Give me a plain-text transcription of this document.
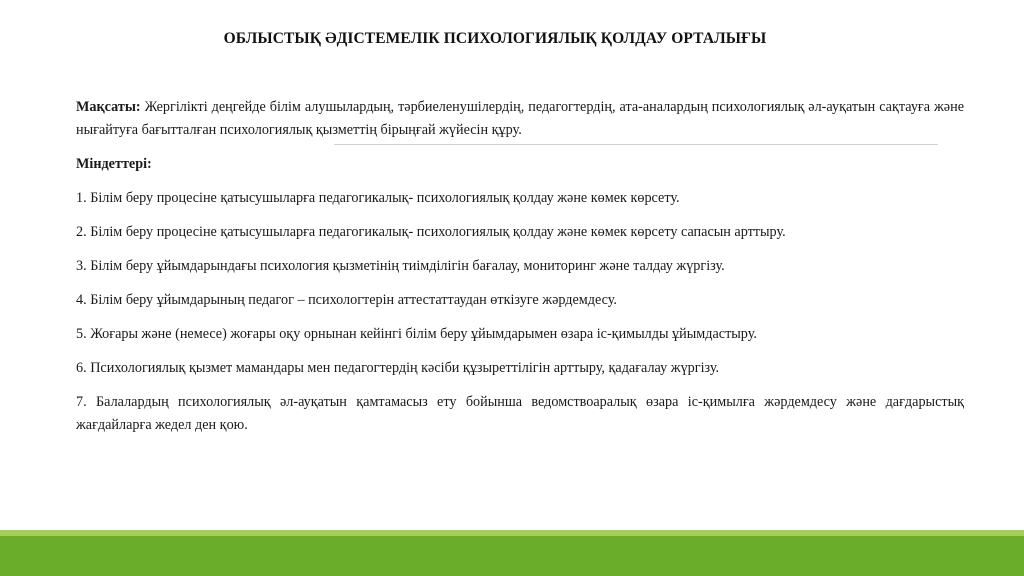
ОБЛЫСТЫҚ ӘДІСТЕМЕЛІК ПСИХОЛОГИЯЛЫҚ ҚОЛДАУ ОРТАЛЫҒЫ

Мақсаты: Жергілікті деңгейде білім алушылардың, тәрбиеленушілердің, педагогтердің, ата-аналардың психологиялық әл-ауқатын сақтауға және нығайтуға бағытталған психологиялық қызметтің бірыңғай жүйесін құру.

Міндеттері:

1. Білім беру процесіне қатысушыларға педагогикалық- психологиялық қолдау және көмек көрсету.

2. Білім беру процесіне қатысушыларға педагогикалық- психологиялық қолдау және көмек көрсету сапасын арттыру.

3. Білім беру ұйымдарындағы психология қызметінің тиімділігін бағалау, мониторинг және талдау жүргізу.

4. Білім беру ұйымдарының педагог – психологтерін аттестаттаудан өткізуге жәрдемдесу.

5. Жоғары және (немесе) жоғары оқу орнынан кейінгі білім беру ұйымдарымен өзара іс-қимылды ұйымдастыру.

6. Психологиялық қызмет мамандары мен педагогтердің кәсіби құзыреттілігін арттыру, қадағалау жүргізу.

7. Балалардың психологиялық әл-ауқатын қамтамасыз ету бойынша ведомствоаралық өзара іс-қимылға жәрдемдесу және дағдарыстық жағдайларға жедел ден қою.
